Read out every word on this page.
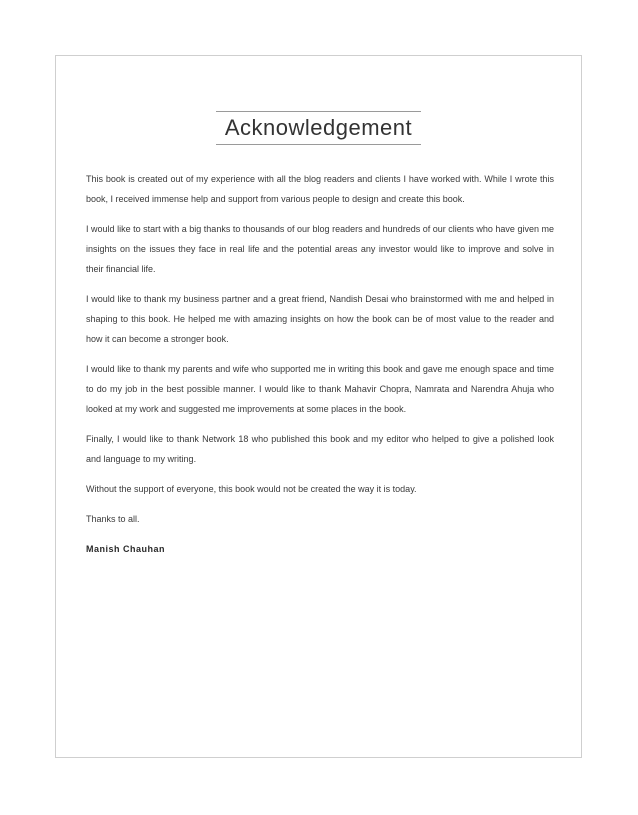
Acknowledgement

This book is created out of my experience with all the blog readers and clients I have worked with. While I wrote this book, I received immense help and support from various people to design and create this book.

I would like to start with a big thanks to thousands of our blog readers and hundreds of our clients who have given me insights on the issues they face in real life and the potential areas any investor would like to improve and solve in their financial life.

I would like to thank my business partner and a great friend, Nandish Desai who brainstormed with me and helped in shaping to this book. He helped me with amazing insights on how the book can be of most value to the reader and how it can become a stronger book.

I would like to thank my parents and wife who supported me in writing this book and gave me enough space and time to do my job in the best possible manner. I would like to thank Mahavir Chopra, Namrata and Narendra Ahuja who looked at my work and suggested me improvements at some places in the book.

Finally, I would like to thank Network 18 who published this book and my editor who helped to give a polished look and language to my writing.

Without the support of everyone, this book would not be created the way it is today.

Thanks to all.

Manish Chauhan
